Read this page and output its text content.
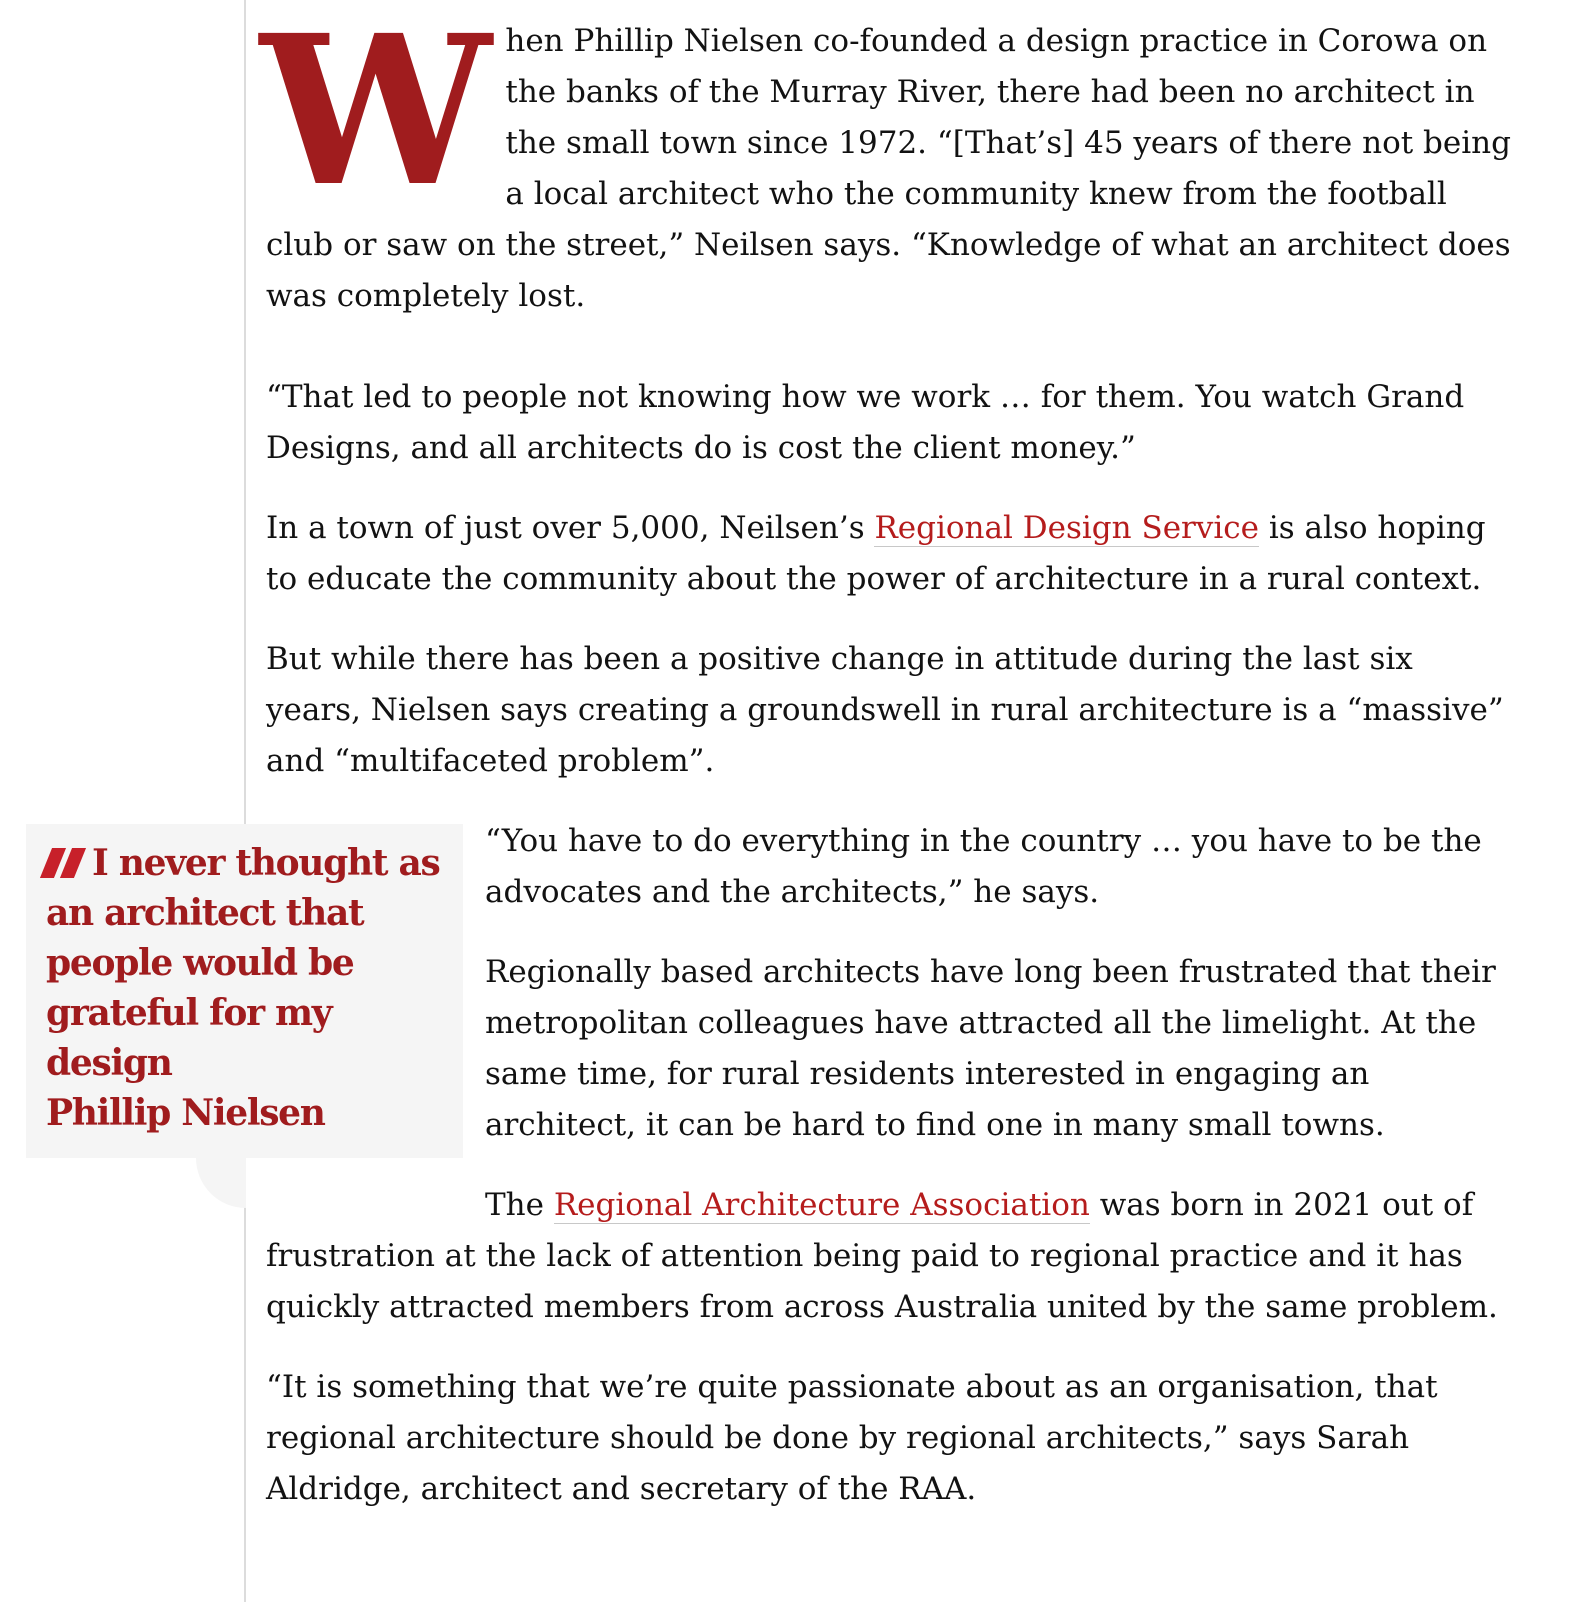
When Phillip Nielsen co-founded a design practice in Corowa on the banks of the Murray River, there had been no architect in the small town since 1972. “[That’s] 45 years of there not being a local architect who the community knew from the football club or saw on the street,” Neilsen says. “Knowledge of what an architect does was completely lost.

“That led to people not knowing how we work … for them. You watch Grand Designs, and all architects do is cost the client money.”

In a town of just over 5,000, Neilsen’s Regional Design Service is also hoping to educate the community about the power of architecture in a rural context.

But while there has been a positive change in attitude during the last six years, Nielsen says creating a groundswell in rural architecture is a “massive” and “multifaceted problem”.

I never thought as an architect that people would be grateful for my design
Phillip Nielsen

“You have to do everything in the country … you have to be the advocates and the architects,” he says.

Regionally based architects have long been frustrated that their metropolitan colleagues have attracted all the limelight. At the same time, for rural residents interested in engaging an architect, it can be hard to find one in many small towns.

The Regional Architecture Association was born in 2021 out of frustration at the lack of attention being paid to regional practice and it has quickly attracted members from across Australia united by the same problem.

“It is something that we’re quite passionate about as an organisation, that regional architecture should be done by regional architects,” says Sarah Aldridge, architect and secretary of the RAA.
